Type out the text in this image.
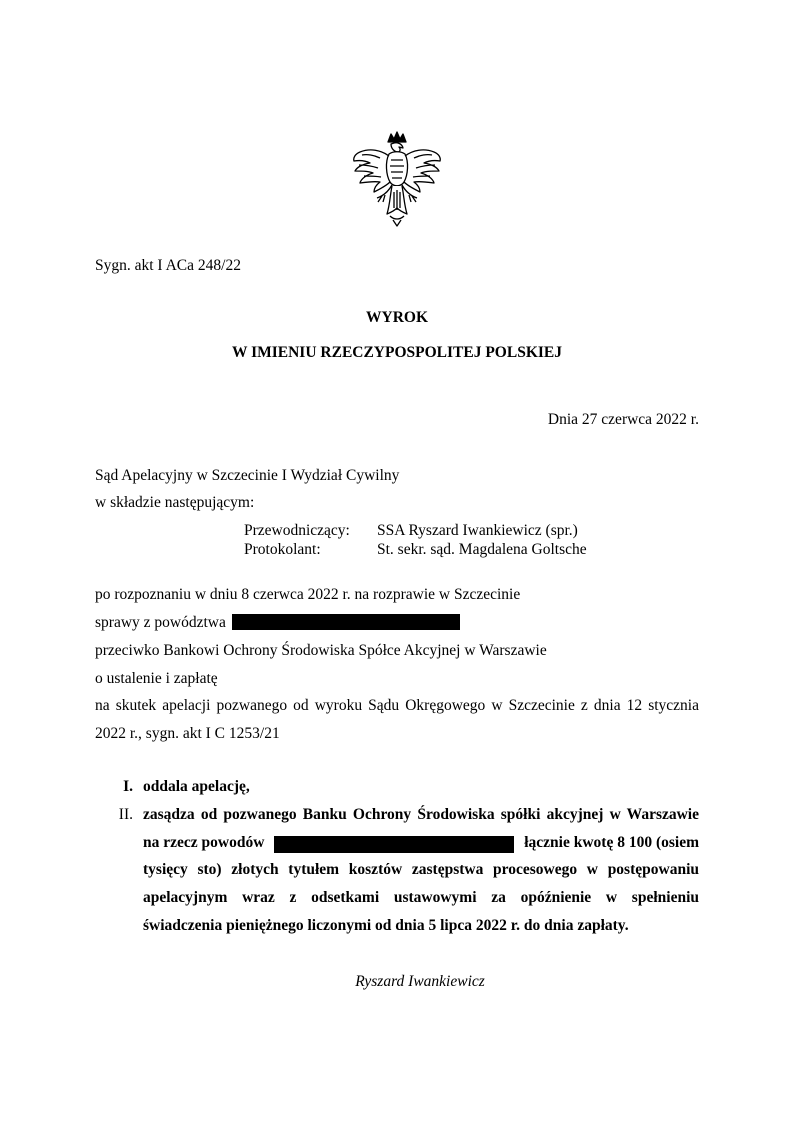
Sygn. akt I ACa 248/22
WYROK
W IMIENIU RZECZYPOSPOLITEJ POLSKIEJ
Dnia 27 czerwca 2022 r.
Sąd Apelacyjny w Szczecinie I Wydział Cywilny
w składzie następującym:
Przewodniczący: SSA Ryszard Iwankiewicz (spr.)
Protokolant:	St. sekr. sąd. Magdalena Goltsche
po rozpoznaniu w dniu 8 czerwca 2022 r. na rozprawie w Szczecinie
sprawy z powództwa
przeciwko Bankowi Ochrony Środowiska Spółce Akcyjnej w Warszawie
o ustalenie i zapłatę
na skutek apelacji pozwanego od wyroku Sądu Okręgowego w Szczecinie z dnia 12 stycznia
2022 r., sygn. akt I C 1253/21
I. oddala apelację,
II. zasądza od pozwanego Banku Ochrony Środowiska spółki akcyjnej w Warszawie
na rzecz powodów	łącznie kwotę 8 100 (osiem
tysięcy sto) złotych tytułem kosztów zastępstwa procesowego w postępowaniu
apelacyjnym wraz z odsetkami ustawowymi za opóźnienie w spełnieniu
świadczenia pieniężnego liczonymi od dnia 5 lipca 2022 r. do dnia zapłaty.
Ryszard Iwankiewicz
